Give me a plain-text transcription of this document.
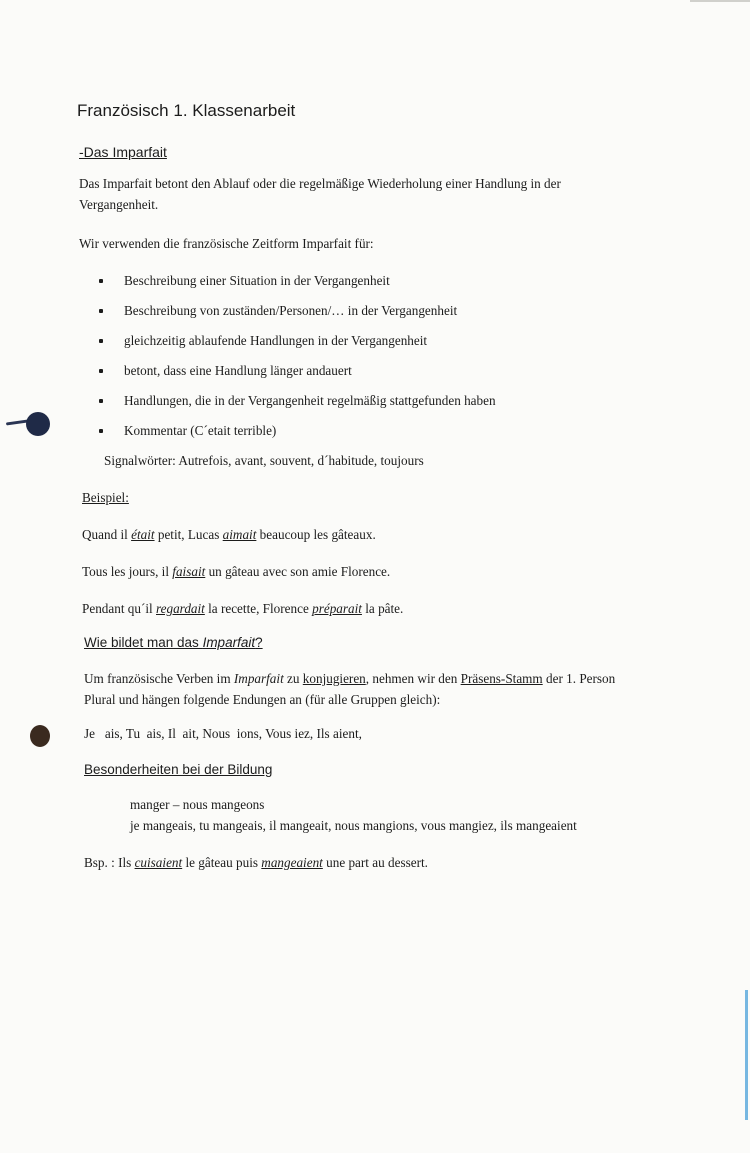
Französisch 1. Klassenarbeit
-Das Imparfait
Das Imparfait betont den Ablauf oder die regelmäßige Wiederholung einer Handlung in der Vergangenheit.
Wir verwenden die französische Zeitform Imparfait für:
Beschreibung einer Situation in der Vergangenheit
Beschreibung von zuständen/Personen/… in der Vergangenheit
gleichzeitig ablaufende Handlungen in der Vergangenheit
betont, dass eine Handlung länger andauert
Handlungen, die in der Vergangenheit regelmäßig stattgefunden haben
Kommentar (C´etait terrible)
Signalwörter: Autrefois, avant, souvent, d´habitude, toujours
Beispiel:
Quand il était petit, Lucas aimait beaucoup les gâteaux.
Tous les jours, il faisait un gâteau avec son amie Florence.
Pendant qu´il regardait la recette, Florence préparait la pâte.
Wie bildet man das Imparfait?
Um französische Verben im Imparfait zu konjugieren, nehmen wir den Präsens-Stamm der 1. Person Plural und hängen folgende Endungen an (für alle Gruppen gleich):
Je   ais, Tu  ais, Il  ait, Nous  ions, Vous iez, Ils aient,
Besonderheiten bei der Bildung
manger – nous mangeons
je mangeais, tu mangeais, il mangeait, nous mangions, vous mangiez, ils mangeaient
Bsp. : Ils cuisaient le gâteau puis mangeaient une part au dessert.
